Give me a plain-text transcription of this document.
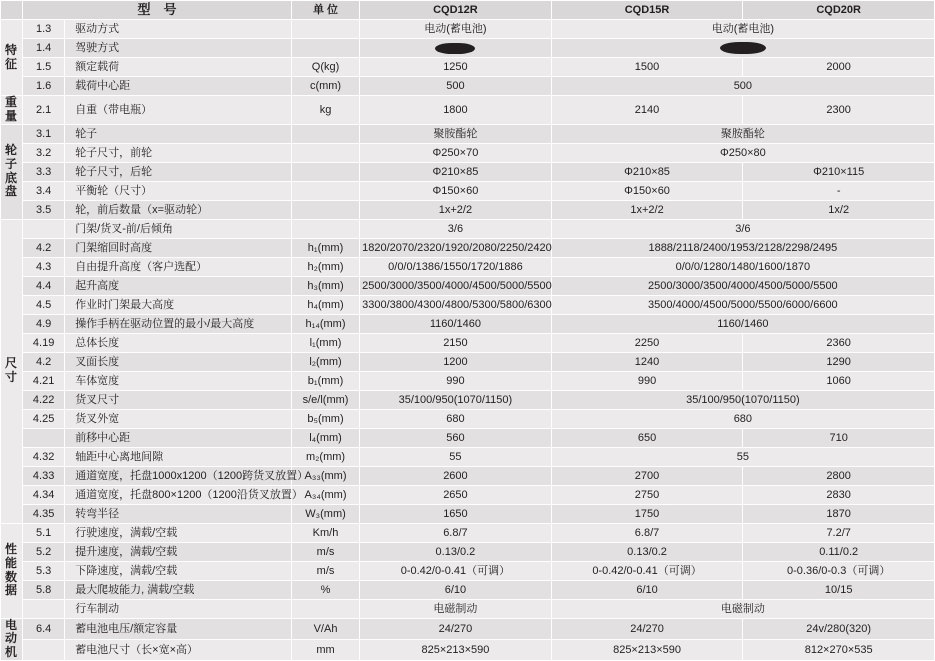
	型　号		单 位	CQD12R	CQD15R	CQD20R

特
征	1.3	驱动方式		电动(蓄电池)	电动(蓄电池)	
	1.4	驾驶方式				
	1.5	额定载荷	Q(kg)	1250	1500	2000
	1.6	载荷中心距	c(mm)	500	500	

重
量	2.1	自重（带电瓶）	kg	1800	2140	2300

轮
子
底
盘	3.1	轮子		聚胺酯轮	聚胺酯轮	
	3.2	轮子尺寸，前轮		Φ250×70	Φ250×80	
	3.3	轮子尺寸，后轮		Φ210×85	Φ210×85	Φ210×115
	3.4	平衡轮（尺寸）		Φ150×60	Φ150×60	-
	3.5	轮，前后数量（x=驱动轮）		1x+2/2	1x+2/2	1x/2

尺
寸		门架/货叉-前/后倾角		3/6	3/6	
	4.2	门架缩回时高度	h₁(mm)	1820/2070/2320/1920/2080/2250/2420	1888/2118/2400/1953/2128/2298/2495	
	4.3	自由提升高度（客户选配）	h₂(mm)	0/0/0/1386/1550/1720/1886	0/0/0/1280/1480/1600/1870	
	4.4	起升高度	h₃(mm)	2500/3000/3500/4000/4500/5000/5500	2500/3000/3500/4000/4500/5000/5500	
	4.5	作业时门架最大高度	h₄(mm)	3300/3800/4300/4800/5300/5800/6300	3500/4000/4500/5000/5500/6000/6600	
	4.9	操作手柄在驱动位置的最小/最大高度	h₁₄(mm)	1160/1460	1160/1460	
	4.19	总体长度	l₁(mm)	2150	2250	2360
	4.2	叉面长度	l₂(mm)	1200	1240	1290
	4.21	车体宽度	b₁(mm)	990	990	1060
	4.22	货叉尺寸	s/e/l(mm)	35/100/950(1070/1150)	35/100/950(1070/1150)	
	4.25	货叉外宽	b₅(mm)	680	680	
		前移中心距	l₄(mm)	560	650	710
	4.32	轴距中心离地间隙	m₂(mm)	55	55	
	4.33	通道宽度，托盘1000x1200（1200跨货叉放置）	A₃₃(mm)	2600	2700	2800
	4.34	通道宽度，托盘800×1200（1200沿货叉放置）	A₃₄(mm)	2650	2750	2830
	4.35	转弯半径	W₃(mm)	1650	1750	1870

性
能
数
据	5.1	行驶速度，满载/空载	Km/h	6.8/7	6.8/7	7.2/7
	5.2	提升速度，满载/空载	m/s	0.13/0.2	0.13/0.2	0.11/0.2
	5.3	下降速度，满载/空载	m/s	0-0.42/0-0.41（可调）	0-0.42/0-0.41（可调）	0-0.36/0-0.3（可调）
	5.8	最大爬坡能力, 满载/空载	%	6/10	6/10	10/15
		行车制动		电磁制动	电磁制动	

电
动
机	6.4	蓄电池电压/额定容量	V/Ah	24/270	24/270	24v/280(320)
		蓄电池尺寸（长×宽×高）	mm	825×213×590	825×213×590	812×270×535
